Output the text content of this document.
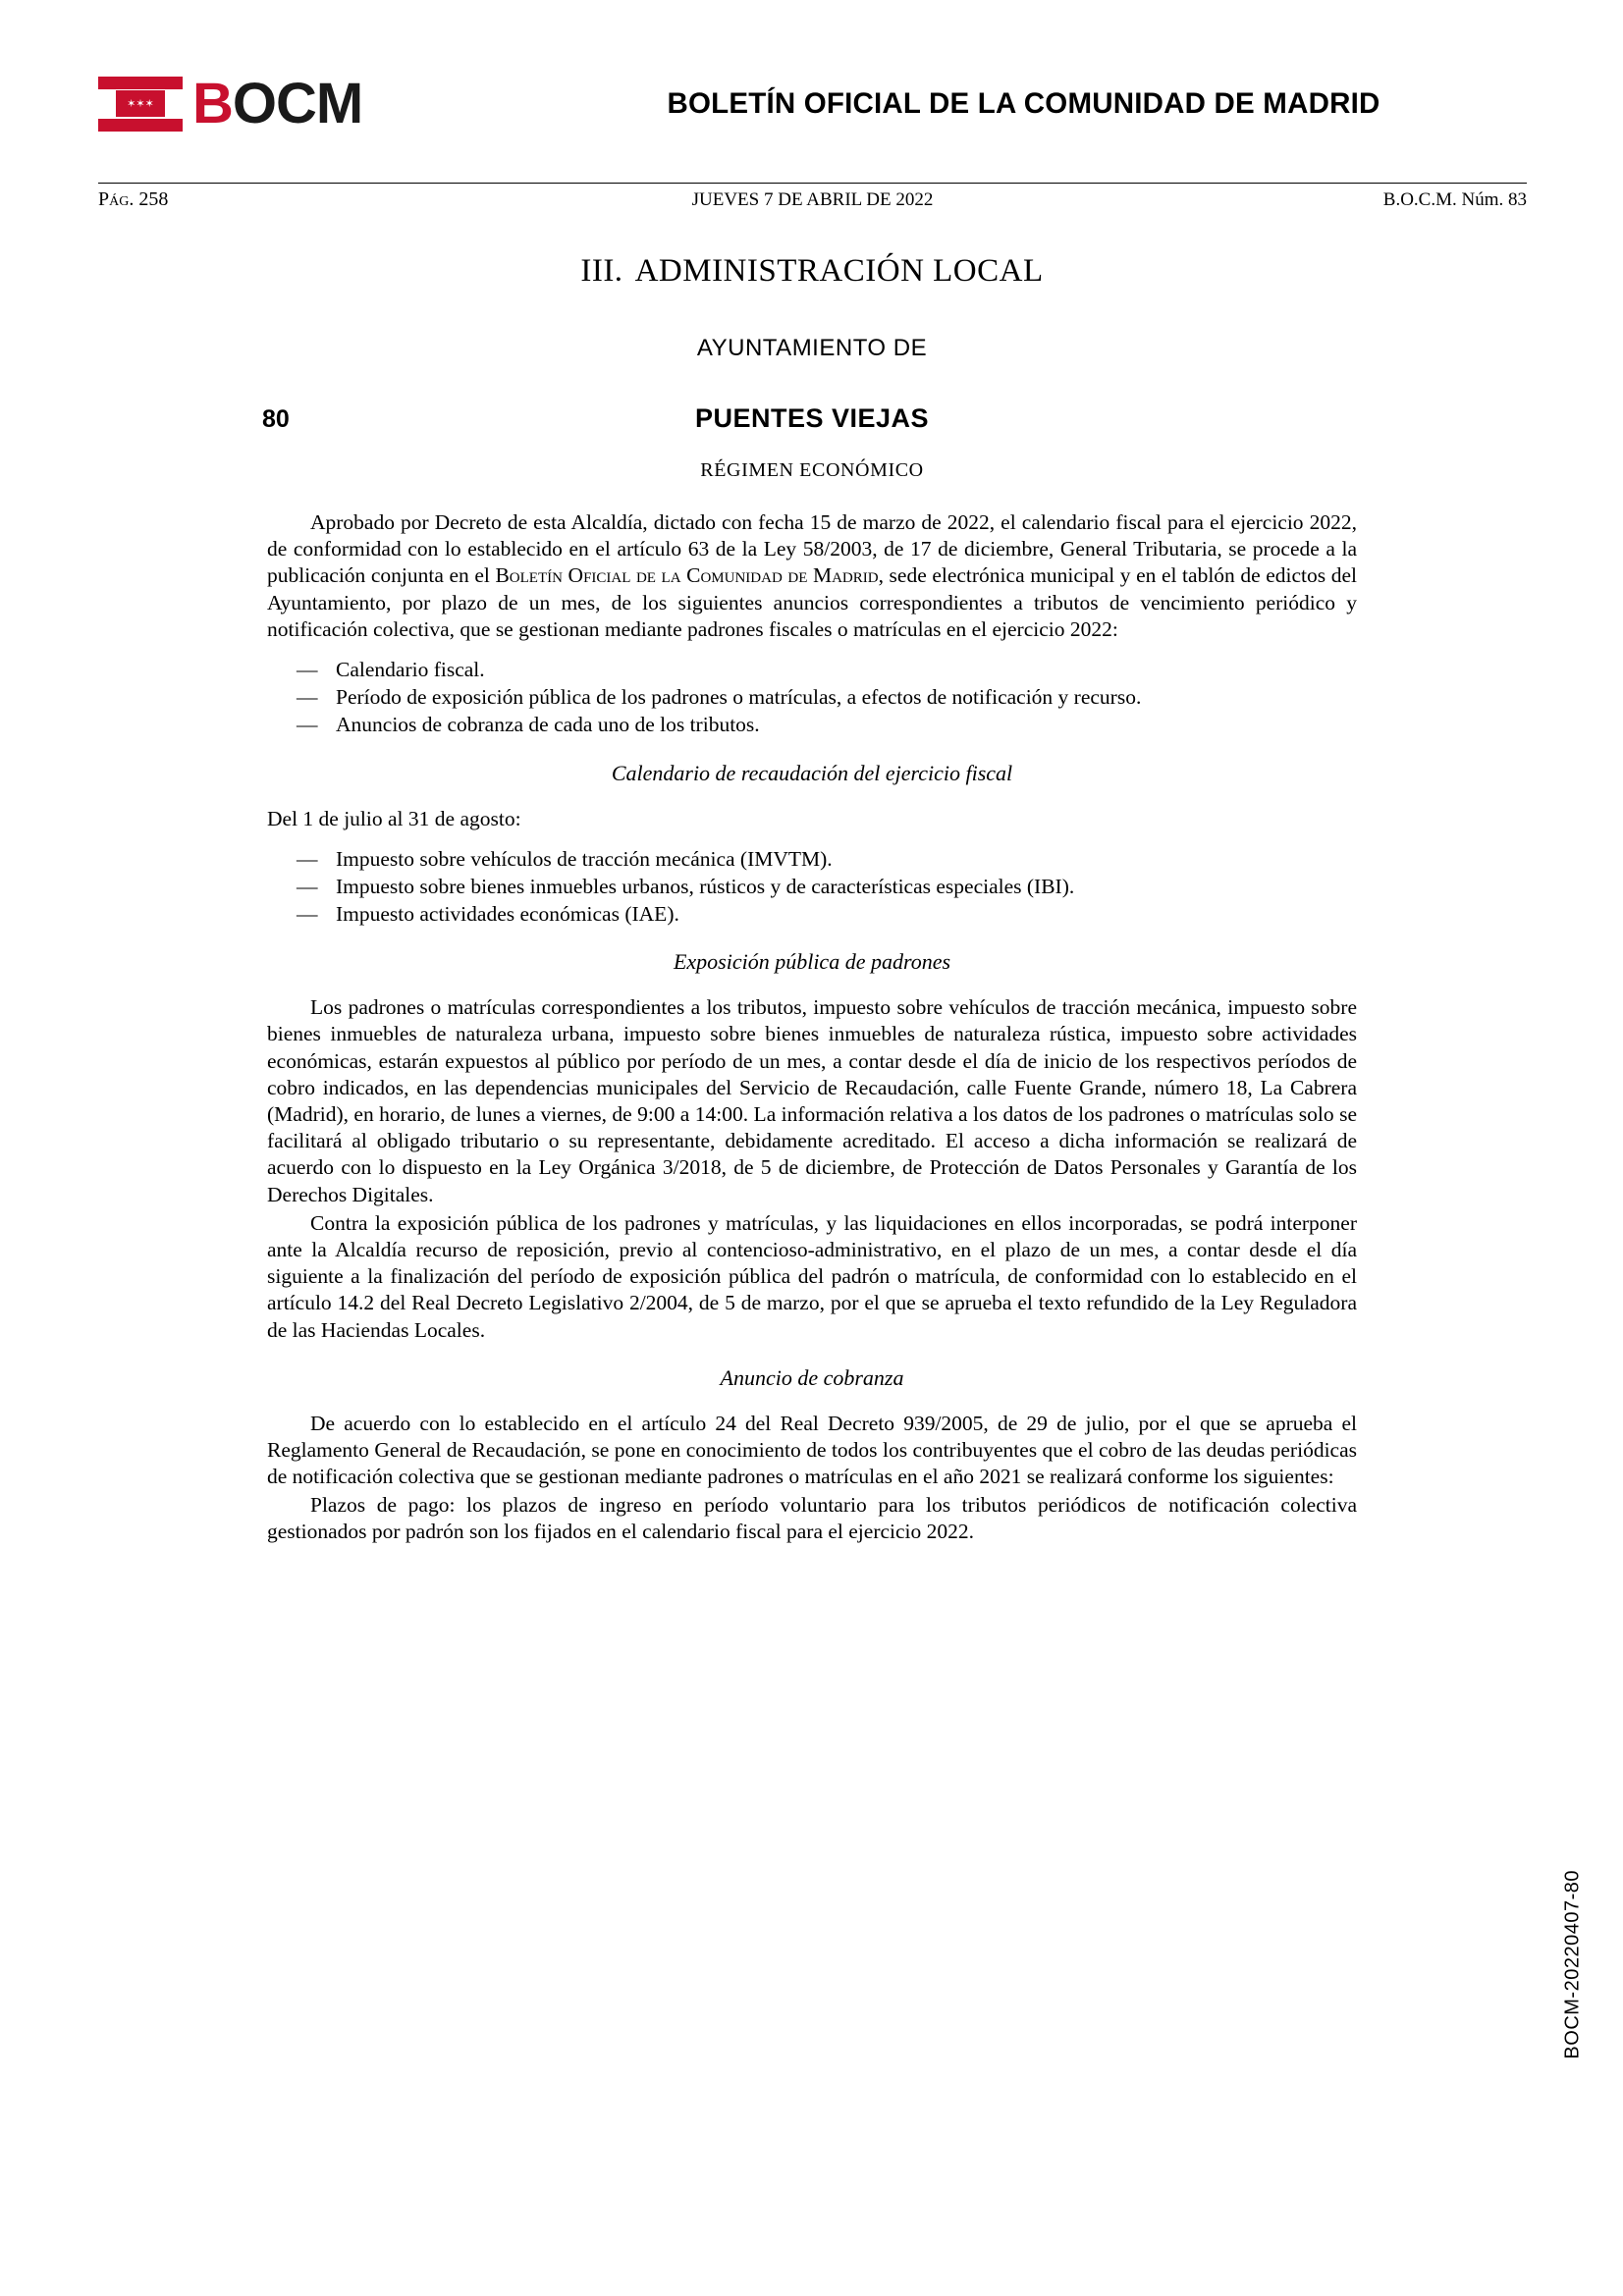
✶✶✶ BOCM	BOLETÍN OFICIAL DE LA COMUNIDAD DE MADRID
Pág. 258	JUEVES 7 DE ABRIL DE 2022	B.O.C.M. Núm. 83
III. ADMINISTRACIÓN LOCAL
AYUNTAMIENTO DE
80	PUENTES VIEJAS
RÉGIMEN ECONÓMICO

Aprobado por Decreto de esta Alcaldía, dictado con fecha 15 de marzo de 2022, el calendario fiscal para el ejercicio 2022, de conformidad con lo establecido en el artículo 63 de la Ley 58/2003, de 17 de diciembre, General Tributaria, se procede a la publicación conjunta en el Boletín Oficial de la Comunidad de Madrid, sede electrónica municipal y en el tablón de edictos del Ayuntamiento, por plazo de un mes, de los siguientes anuncios correspondientes a tributos de vencimiento periódico y notificación colectiva, que se gestionan mediante padrones fiscales o matrículas en el ejercicio 2022:

— Calendario fiscal.
— Período de exposición pública de los padrones o matrículas, a efectos de notificación y recurso.
— Anuncios de cobranza de cada uno de los tributos.
Calendario de recaudación del ejercicio fiscal

Del 1 de julio al 31 de agosto:

— Impuesto sobre vehículos de tracción mecánica (IMVTM).
— Impuesto sobre bienes inmuebles urbanos, rústicos y de características especiales (IBI).
— Impuesto actividades económicas (IAE).
Exposición pública de padrones

Los padrones o matrículas correspondientes a los tributos, impuesto sobre vehículos de tracción mecánica, impuesto sobre bienes inmuebles de naturaleza urbana, impuesto sobre bienes inmuebles de naturaleza rústica, impuesto sobre actividades económicas, estarán expuestos al público por período de un mes, a contar desde el día de inicio de los respectivos períodos de cobro indicados, en las dependencias municipales del Servicio de Recaudación, calle Fuente Grande, número 18, La Cabrera (Madrid), en horario, de lunes a viernes, de 9:00 a 14:00. La información relativa a los datos de los padrones o matrículas solo se facilitará al obligado tributario o su representante, debidamente acreditado. El acceso a dicha información se realizará de acuerdo con lo dispuesto en la Ley Orgánica 3/2018, de 5 de diciembre, de Protección de Datos Personales y Garantía de los Derechos Digitales.

Contra la exposición pública de los padrones y matrículas, y las liquidaciones en ellos incorporadas, se podrá interponer ante la Alcaldía recurso de reposición, previo al contencioso-administrativo, en el plazo de un mes, a contar desde el día siguiente a la finalización del período de exposición pública del padrón o matrícula, de conformidad con lo establecido en el artículo 14.2 del Real Decreto Legislativo 2/2004, de 5 de marzo, por el que se aprueba el texto refundido de la Ley Reguladora de las Haciendas Locales.

Anuncio de cobranza

De acuerdo con lo establecido en el artículo 24 del Real Decreto 939/2005, de 29 de julio, por el que se aprueba el Reglamento General de Recaudación, se pone en conocimiento de todos los contribuyentes que el cobro de las deudas periódicas de notificación colectiva que se gestionan mediante padrones o matrículas en el año 2021 se realizará conforme los siguientes:

Plazos de pago: los plazos de ingreso en período voluntario para los tributos periódicos de notificación colectiva gestionados por padrón son los fijados en el calendario fiscal para el ejercicio 2022.

BOCM-20220407-80
